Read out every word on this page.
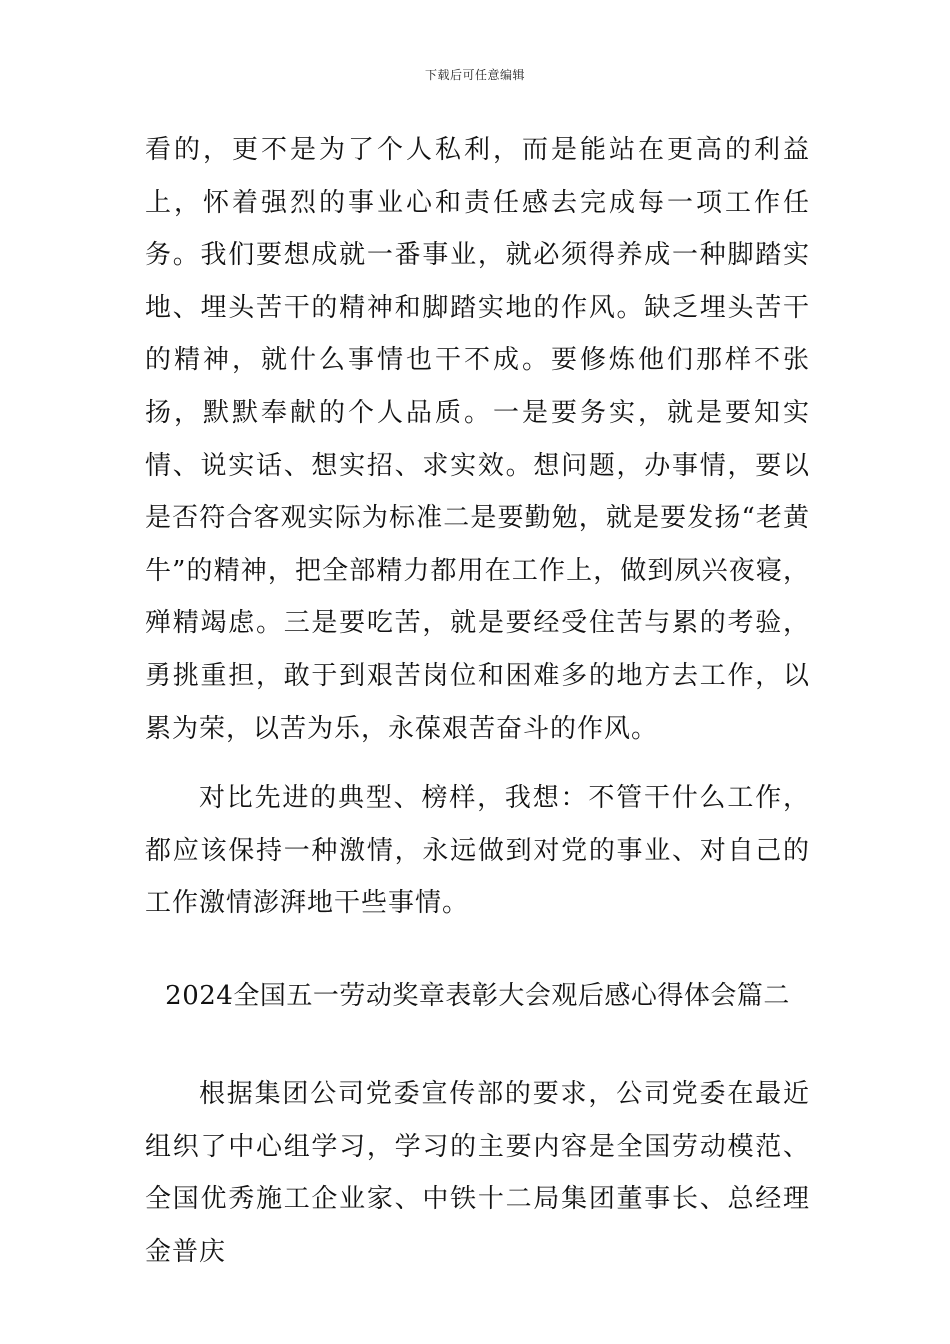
下载后可任意编辑

看的，更不是为了个人私利，而是能站在更高的利益上，怀着强烈的事业心和责任感去完成每一项工作任务。我们要想成就一番事业，就必须得养成一种脚踏实地、埋头苦干的精神和脚踏实地的作风。缺乏埋头苦干的精神，就什么事情也干不成。要修炼他们那样不张扬，默默奉献的个人品质。一是要务实，就是要知实情、说实话、想实招、求实效。想问题，办事情，要以是否符合客观实际为标准二是要勤勉，就是要发扬“老黄牛”的精神，把全部精力都用在工作上，做到夙兴夜寝，殚精竭虑。三是要吃苦，就是要经受住苦与累的考验，勇挑重担，敢于到艰苦岗位和困难多的地方去工作，以累为荣，以苦为乐，永葆艰苦奋斗的作风。

对比先进的典型、榜样，我想：不管干什么工作，都应该保持一种激情，永远做到对党的事业、对自己的工作激情澎湃地干些事情。

2024全国五一劳动奖章表彰大会观后感心得体会篇二

根据集团公司党委宣传部的要求，公司党委在最近组织了中心组学习，学习的主要内容是全国劳动模范、全国优秀施工企业家、中铁十二局集团董事长、总经理金普庆
